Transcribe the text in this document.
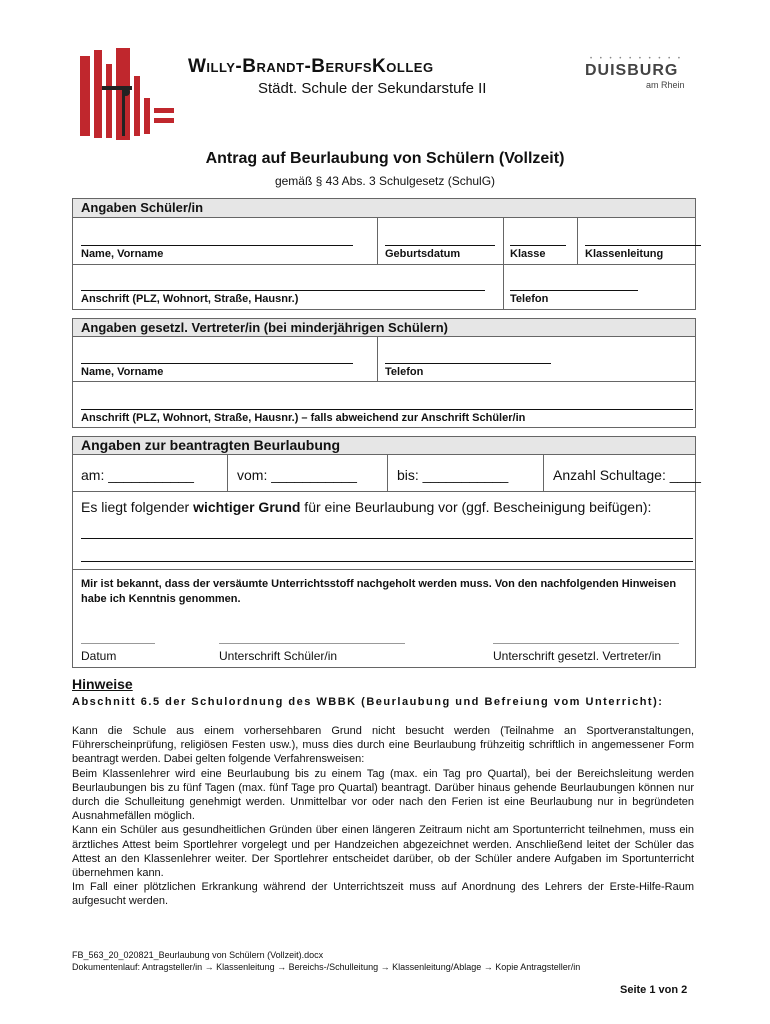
Willy-Brandt-BerufsKolleg
Städt. Schule der Sekundarstufe II
• • • • • • • • • •
DUISBURG
am Rhein
Antrag auf Beurlaubung von Schülern (Vollzeit)
gemäß § 43 Abs. 3 Schulgesetz (SchulG)
Angaben Schüler/in
Name, Vorname	Geburtsdatum	Klasse	Klassenleitung
Anschrift (PLZ, Wohnort, Straße, Hausnr.)	Telefon
Angaben gesetzl. Vertreter/in (bei minderjährigen Schülern)
Name, Vorname	Telefon
Anschrift (PLZ, Wohnort, Straße, Hausnr.) – falls abweichend zur Anschrift Schüler/in
Angaben zur beantragten Beurlaubung
am: ___________	vom: ___________	bis: ___________	Anzahl Schultage: ____
Es liegt folgender wichtiger Grund für eine Beurlaubung vor (ggf. Bescheinigung beifügen):
Mir ist bekannt, dass der versäumte Unterrichtsstoff nachgeholt werden muss. Von den nachfolgenden Hinweisen habe ich Kenntnis genommen.
Datum	Unterschrift Schüler/in	Unterschrift gesetzl. Vertreter/in
Hinweise
Abschnitt 6.5 der Schulordnung des WBBK (Beurlaubung und Befreiung vom Unterricht):

Kann die Schule aus einem vorhersehbaren Grund nicht besucht werden (Teilnahme an Sportveranstaltungen, Führerscheinprüfung, religiösen Festen usw.), muss dies durch eine Beurlaubung frühzeitig schriftlich in angemessener Form beantragt werden. Dabei gelten folgende Verfahrensweisen:

Beim Klassenlehrer wird eine Beurlaubung bis zu einem Tag (max. ein Tag pro Quartal), bei der Bereichsleitung werden Beurlaubungen bis zu fünf Tagen (max. fünf Tage pro Quartal) beantragt. Darüber hinaus gehende Beurlaubungen können nur durch die Schulleitung genehmigt werden. Unmittelbar vor oder nach den Ferien ist eine Beurlaubung nur in begründeten Ausnahmefällen möglich.

Kann ein Schüler aus gesundheitlichen Gründen über einen längeren Zeitraum nicht am Sportunterricht teilnehmen, muss ein ärztliches Attest beim Sportlehrer vorgelegt und per Handzeichen abgezeichnet werden. Anschließend leitet der Schüler das Attest an den Klassenlehrer weiter. Der Sportlehrer entscheidet darüber, ob der Schüler andere Aufgaben im Sportunterricht übernehmen kann.

Im Fall einer plötzlichen Erkrankung während der Unterrichtszeit muss auf Anordnung des Lehrers der Erste-Hilfe-Raum aufgesucht werden.

FB_563_20_020821_Beurlaubung von Schülern (Vollzeit).docx
Dokumentenlauf: Antragsteller/in → Klassenleitung → Bereichs-/Schulleitung → Klassenleitung/Ablage → Kopie Antragsteller/in
Seite 1 von 2
